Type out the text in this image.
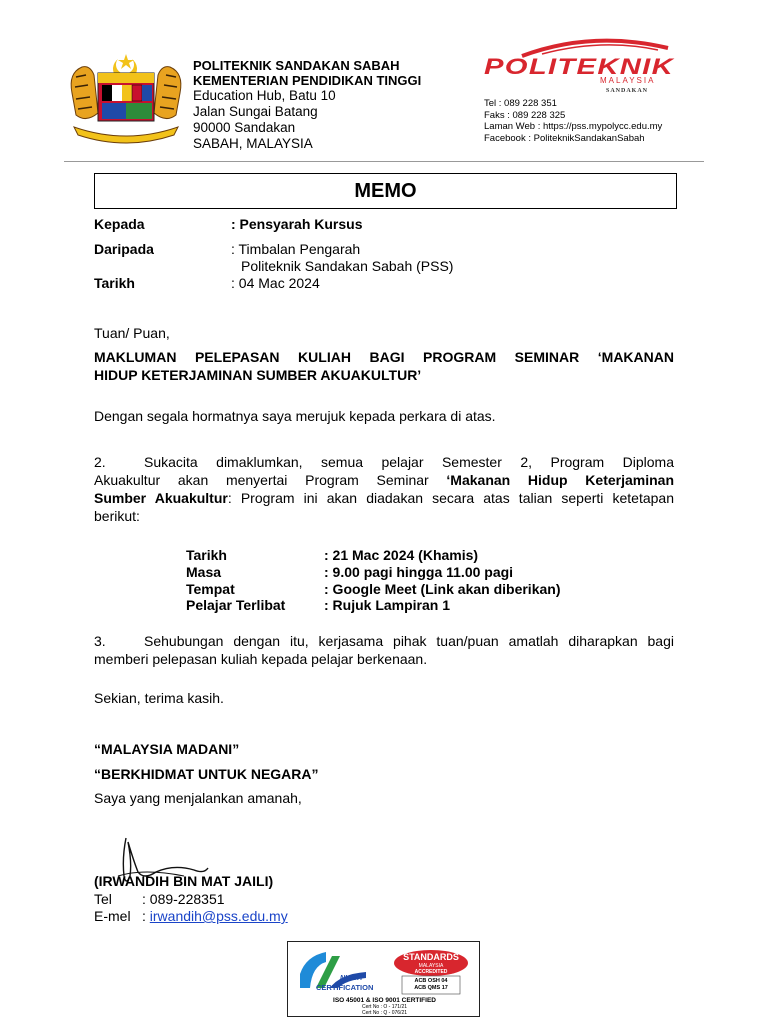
POLITEKNIK SANDAKAN SABAH
KEMENTERIAN PENDIDIKAN TINGGI
Education Hub, Batu 10
Jalan Sungai Batang
90000 Sandakan
SABAH, MALAYSIA
POLITEKNIK
MALAYSIA
SANDAKAN
Tel : 089 228 351
Faks : 089 228 325
Laman Web : https://pss.mypolycc.edu.my
Facebook : PoliteknikSandakanSabah
MEMO
Kepada	: Pensyarah Kursus
Daripada	: Timbalan Pengarah
Politeknik Sandakan Sabah (PSS)
Tarikh	: 04 Mac 2024
Tuan/ Puan,
MAKLUMAN PELEPASAN KULIAH BAGI PROGRAM SEMINAR ‘MAKANAN
HIDUP KETERJAMINAN SUMBER AKUAKULTUR’
Dengan segala hormatnya saya merujuk kepada perkara di atas.
2.	Sukacita dimaklumkan, semua pelajar Semester 2, Program Diploma
Akuakultur akan menyertai Program Seminar ‘Makanan Hidup Keterjaminan
Sumber Akuakultur: Program ini akan diadakan secara atas talian seperti ketetapan
berikut:
Tarikh	: 21 Mac 2024 (Khamis)
Masa	: 9.00 pagi hingga 11.00 pagi
Tempat	: Google Meet (Link akan diberikan)
Pelajar Terlibat	: Rujuk Lampiran 1
3.	Sehubungan dengan itu, kerjasama pihak tuan/puan amatlah diharapkan bagi
memberi pelepasan kuliah kepada pelajar berkenaan.
Sekian, terima kasih.
“MALAYSIA MADANI”
“BERKHIDMAT UNTUK NEGARA”
Saya yang menjalankan amanah,
(IRWANDIH BIN MAT JAILI)
Tel : 089-228351
E-mel : irwandih@pss.edu.my
NIOSH
CERTIFICATION
STANDARDS
MALAYSIA
ACCREDITED
ACB OSH 04
ACB QMS 17
ISO 45001 & ISO 9001 CERTIFIED
Cert No : O - 171/21
Cert No : Q - 076/21
